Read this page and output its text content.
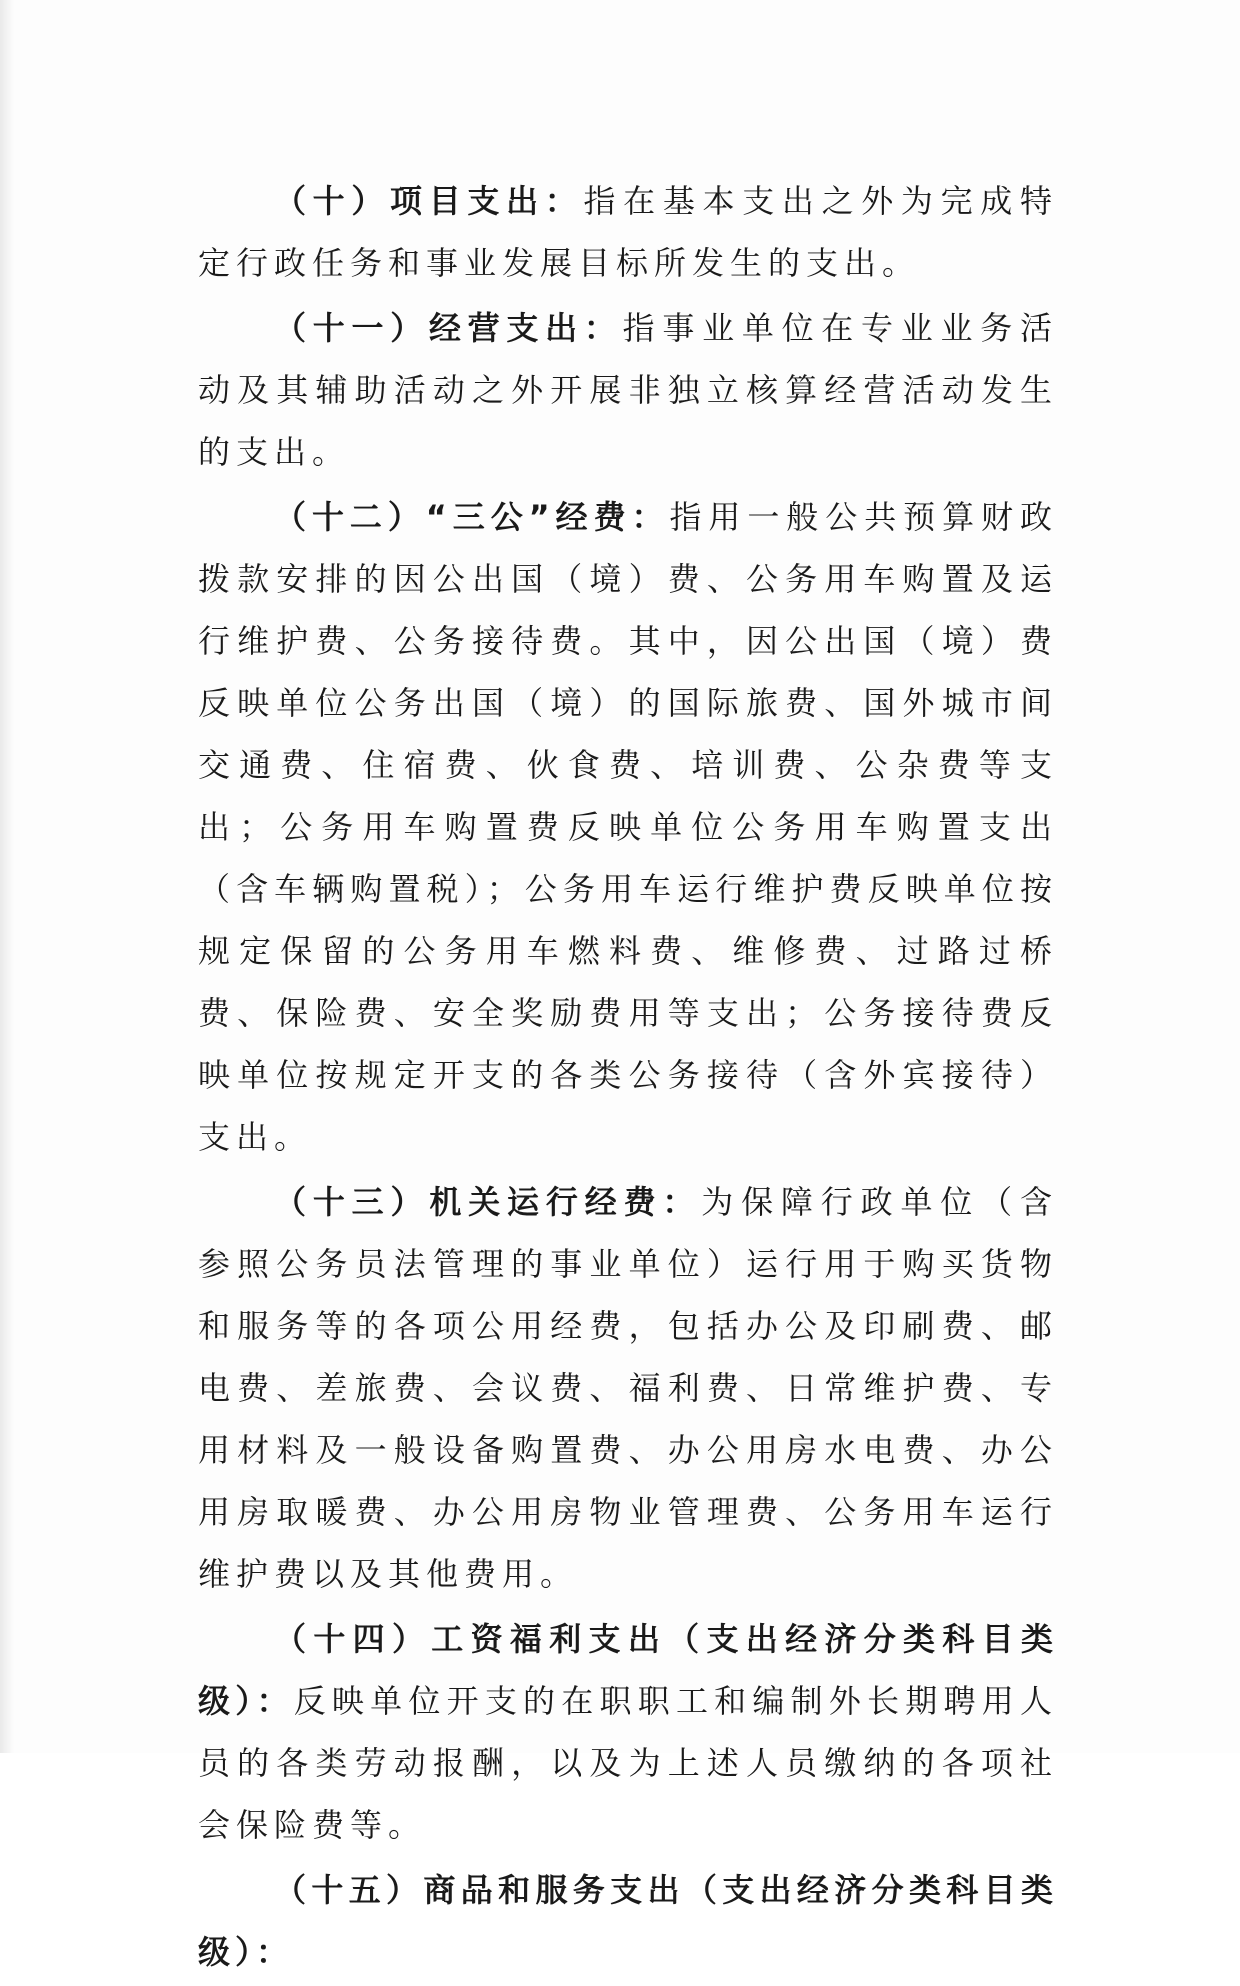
（十）项目支出：指在基本支出之外为完成特定行政任务和事业发展目标所发生的支出。

（十一）经营支出：指事业单位在专业业务活动及其辅助活动之外开展非独立核算经营活动发生的支出。

（十二）“三公”经费：指用一般公共预算财政拨款安排的因公出国（境）费、公务用车购置及运行维护费、公务接待费。其中，因公出国（境）费反映单位公务出国（境）的国际旅费、国外城市间交通费、住宿费、伙食费、培训费、公杂费等支出；公务用车购置费反映单位公务用车购置支出（含车辆购置税）；公务用车运行维护费反映单位按规定保留的公务用车燃料费、维修费、过路过桥费、保险费、安全奖励费用等支出；公务接待费反映单位按规定开支的各类公务接待（含外宾接待）支出。

（十三）机关运行经费：为保障行政单位（含参照公务员法管理的事业单位）运行用于购买货物和服务等的各项公用经费，包括办公及印刷费、邮电费、差旅费、会议费、福利费、日常维护费、专用材料及一般设备购置费、办公用房水电费、办公用房取暖费、办公用房物业管理费、公务用车运行维护费以及其他费用。

（十四）工资福利支出（支出经济分类科目类级）：反映单位开支的在职职工和编制外长期聘用人员的各类劳动报酬，以及为上述人员缴纳的各项社会保险费等。

（十五）商品和服务支出（支出经济分类科目类级）：
